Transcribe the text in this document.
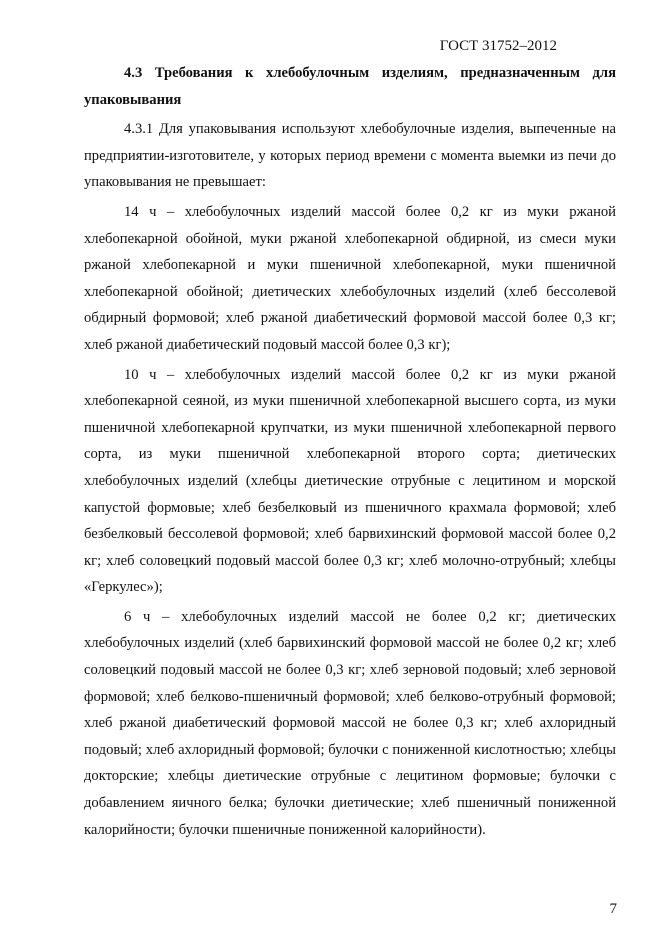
ГОСТ 31752–2012

4.3 Требования к хлебобулочным изделиям, предназначенным для упаковывания

4.3.1 Для упаковывания используют хлебобулочные изделия, выпеченные на предприятии-изготовителе, у которых период времени с момента выемки из печи до упаковывания не превышает:

14 ч – хлебобулочных изделий массой более 0,2 кг из муки ржаной хлебопекарной обойной, муки ржаной хлебопекарной обдирной, из смеси муки ржаной хлебопекарной и муки пшеничной хлебопекарной, муки пшеничной хлебопекарной обойной; диетических хлебобулочных изделий (хлеб бессолевой обдирный формовой; хлеб ржаной диабетический формовой массой более 0,3 кг; хлеб ржаной диабетический подовый массой более 0,3 кг);

10 ч – хлебобулочных изделий массой более 0,2 кг из муки ржаной хлебопекарной сеяной, из муки пшеничной хлебопекарной высшего сорта, из муки пшеничной хлебопекарной крупчатки, из муки пшеничной хлебопекарной первого сорта, из муки пшеничной хлебопекарной второго сорта; диетических хлебобулочных изделий (хлебцы диетические отрубные с лецитином и морской капустой формовые; хлеб безбелковый из пшеничного крахмала формовой; хлеб безбелковый бессолевой формовой; хлеб барвихинский формовой массой более 0,2 кг; хлеб соловецкий подовый массой более 0,3 кг; хлеб молочно-отрубный; хлебцы «Геркулес»);

6 ч – хлебобулочных изделий массой не более 0,2 кг; диетических хлебобулочных изделий (хлеб барвихинский формовой массой не более 0,2 кг; хлеб соловецкий подовый массой не более 0,3 кг; хлеб зерновой подовый; хлеб зерновой формовой; хлеб белково-пшеничный формовой; хлеб белково-отрубный формовой; хлеб ржаной диабетический формовой массой не более 0,3 кг; хлеб ахлоридный подовый; хлеб ахлоридный формовой; булочки с пониженной кислотностью; хлебцы докторские; хлебцы диетические отрубные с лецитином формовые; булочки с добавлением яичного белка; булочки диетические; хлеб пшеничный пониженной калорийности; булочки пшеничные пониженной калорийности).

7
